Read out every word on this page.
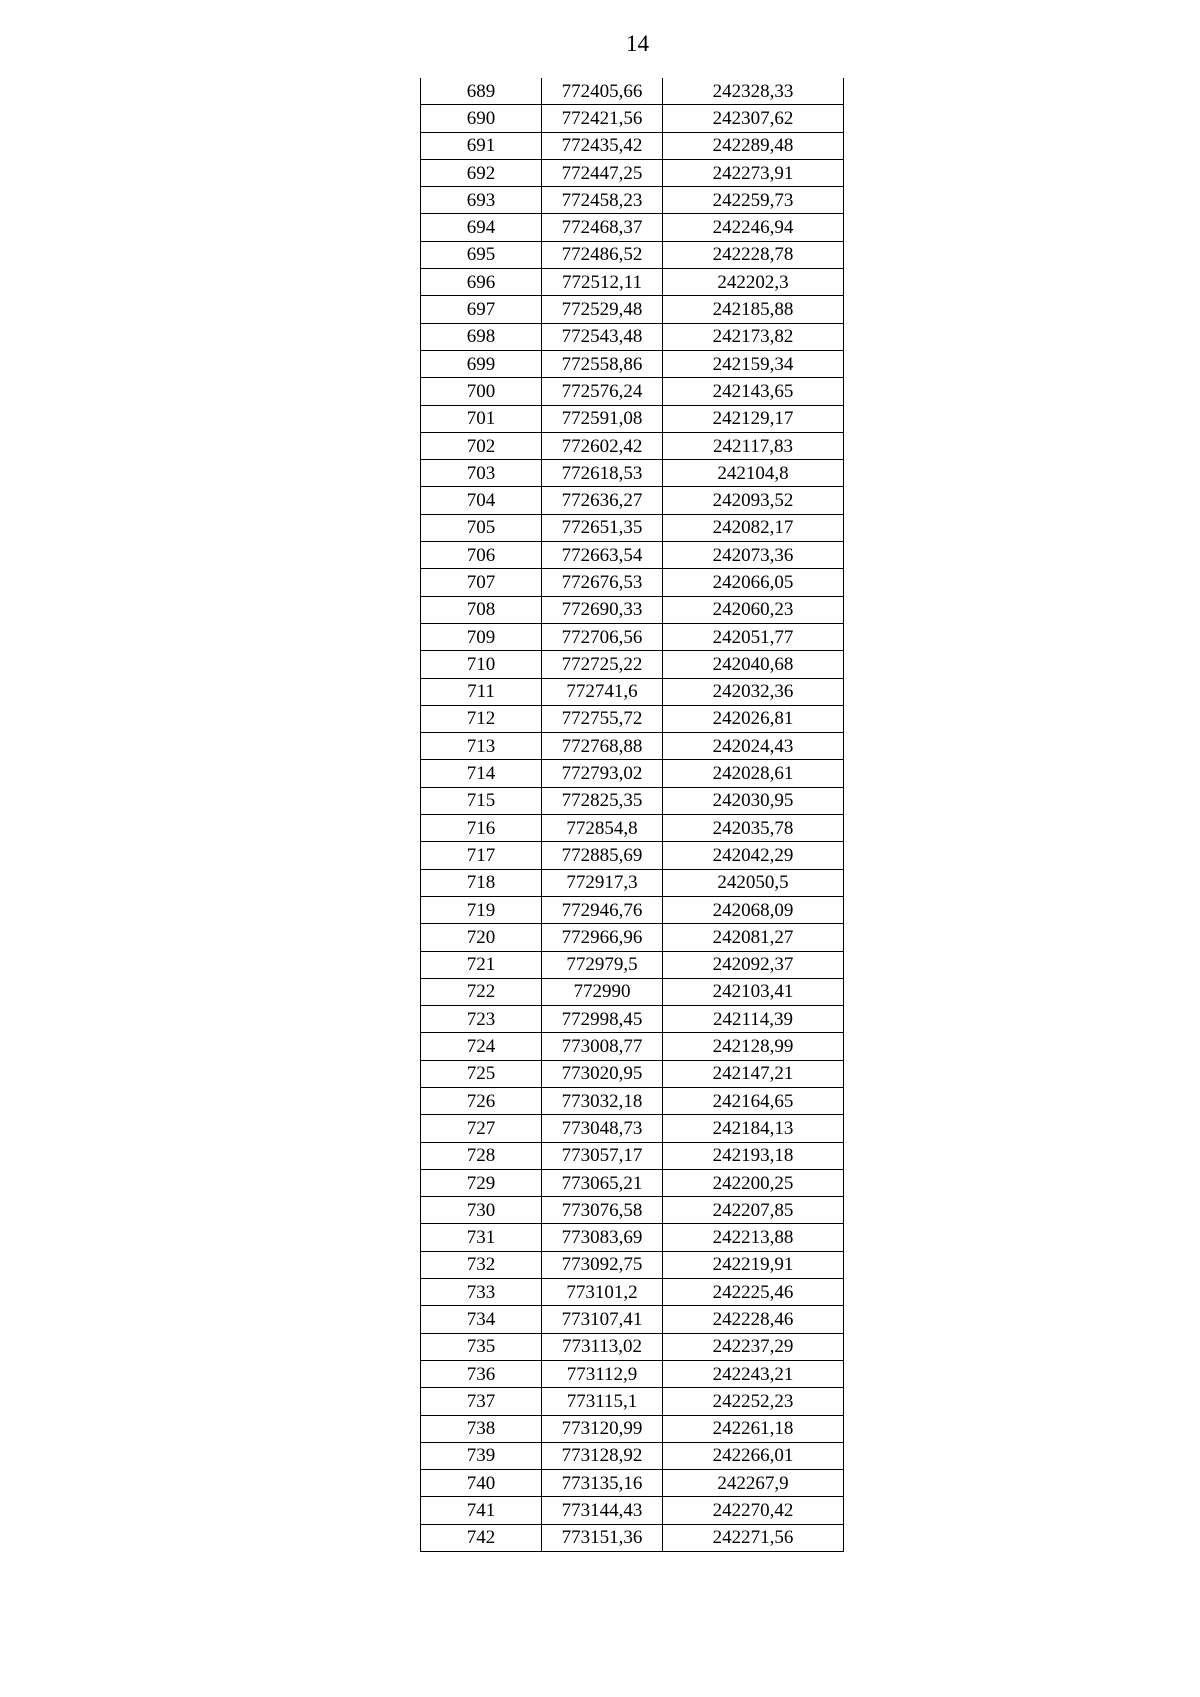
14
689	772405,66	242328,33
690	772421,56	242307,62
691	772435,42	242289,48
692	772447,25	242273,91
693	772458,23	242259,73
694	772468,37	242246,94
695	772486,52	242228,78
696	772512,11	242202,3
697	772529,48	242185,88
698	772543,48	242173,82
699	772558,86	242159,34
700	772576,24	242143,65
701	772591,08	242129,17
702	772602,42	242117,83
703	772618,53	242104,8
704	772636,27	242093,52
705	772651,35	242082,17
706	772663,54	242073,36
707	772676,53	242066,05
708	772690,33	242060,23
709	772706,56	242051,77
710	772725,22	242040,68
711	772741,6	242032,36
712	772755,72	242026,81
713	772768,88	242024,43
714	772793,02	242028,61
715	772825,35	242030,95
716	772854,8	242035,78
717	772885,69	242042,29
718	772917,3	242050,5
719	772946,76	242068,09
720	772966,96	242081,27
721	772979,5	242092,37
722	772990	242103,41
723	772998,45	242114,39
724	773008,77	242128,99
725	773020,95	242147,21
726	773032,18	242164,65
727	773048,73	242184,13
728	773057,17	242193,18
729	773065,21	242200,25
730	773076,58	242207,85
731	773083,69	242213,88
732	773092,75	242219,91
733	773101,2	242225,46
734	773107,41	242228,46
735	773113,02	242237,29
736	773112,9	242243,21
737	773115,1	242252,23
738	773120,99	242261,18
739	773128,92	242266,01
740	773135,16	242267,9
741	773144,43	242270,42
742	773151,36	242271,56
